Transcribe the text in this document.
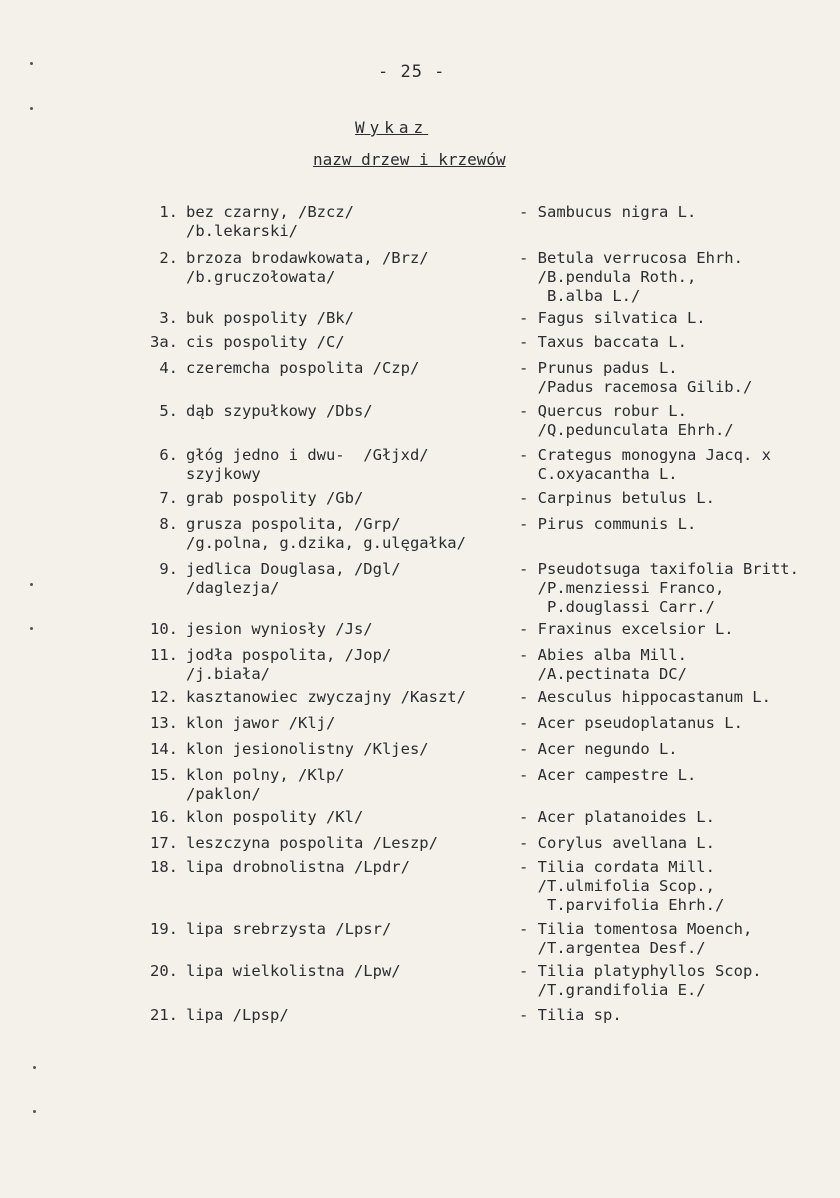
- 25 -
Wykaz
nazw drzew i krzewów
1. bez czarny, /Bzcz/
/b.lekarski/
- Sambucus nigra L.
2. brzoza brodawkowata, /Brz/
/b.gruczołowata/
- Betula verrucosa Ehrh.
/B.pendula Roth.,
B.alba L./
3. buk pospolity /Bk/	- Fagus silvatica L.
3a. cis pospolity /C/	- Taxus baccata L.
4. czeremcha pospolita /Czp/	- Prunus padus L.
/Padus racemosa Gilib./
5. dąb szypułkowy /Dbs/	- Quercus robur L.
/Q.pedunculata Ehrh./
6. głóg jedno i dwu-  /Głjxd/
szyjkowy
- Crategus monogyna Jacq. x
C.oxyacantha L.
7. grab pospolity /Gb/	- Carpinus betulus L.
8. grusza pospolita, /Grp/
/g.polna, g.dzika, g.ulęgałka/
- Pirus communis L.
9. jedlica Douglasa, /Dgl/
/daglezja/
- Pseudotsuga taxifolia Britt.
/P.menziessi Franco,
P.douglassi Carr./
10. jesion wyniosły /Js/	- Fraxinus excelsior L.
11. jodła pospolita, /Jop/
/j.biała/
- Abies alba Mill.
/A.pectinata DC/
12. kasztanowiec zwyczajny /Kaszt/	- Aesculus hippocastanum L.
13. klon jawor /Klj/	- Acer pseudoplatanus L.
14. klon jesionolistny /Kljes/	- Acer negundo L.
15. klon polny, /Klp/
/paklon/
- Acer campestre L.
16. klon pospolity /Kl/	- Acer platanoides L.
17. leszczyna pospolita /Leszp/	- Corylus avellana L.
18. lipa drobnolistna /Lpdr/	- Tilia cordata Mill.
/T.ulmifolia Scop.,
T.parvifolia Ehrh./
19. lipa srebrzysta /Lpsr/	- Tilia tomentosa Moench,
/T.argentea Desf./
20. lipa wielkolistna /Lpw/	- Tilia platyphyllos Scop.
/T.grandifolia E./
21. lipa /Lpsp/	- Tilia sp.
